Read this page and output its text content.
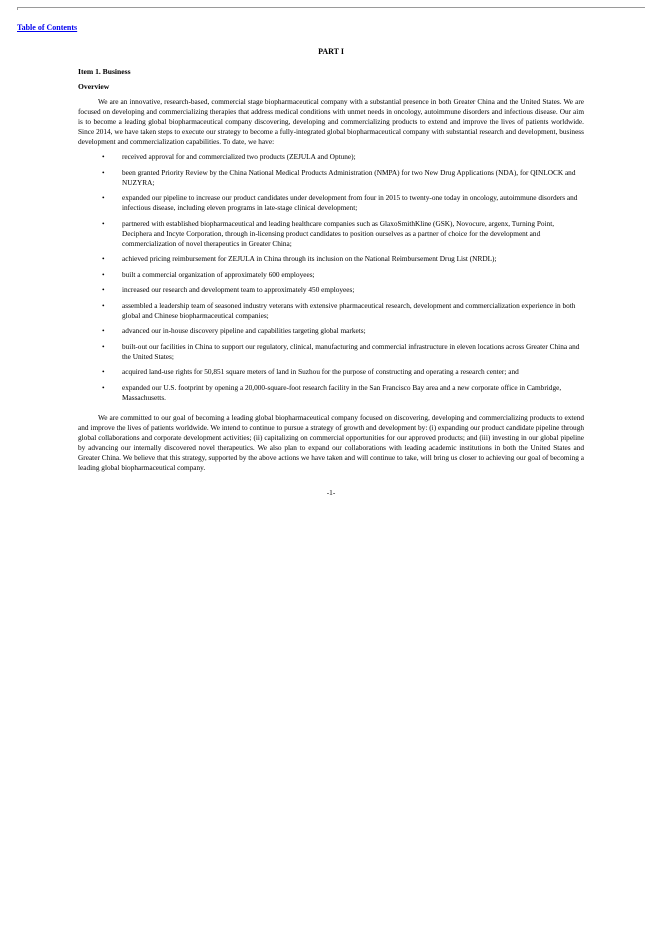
Table of Contents
PART I

Item 1. Business

Overview

We are an innovative, research-based, commercial stage biopharmaceutical company with a substantial presence in both Greater China and the United States. We are focused on developing and commercializing therapies that address medical conditions with unmet needs in oncology, autoimmune disorders and infectious disease. Our aim is to become a leading global biopharmaceutical company discovering, developing and commercializing products to extend and improve the lives of patients worldwide. Since 2014, we have taken steps to execute our strategy to become a fully-integrated global biopharmaceutical company with substantial research and development, business development and commercialization capabilities. To date, we have:

• received approval for and commercialized two products (ZEJULA and Optune);
• been granted Priority Review by the China National Medical Products Administration (NMPA) for two New Drug Applications (NDA), for QINLOCK and NUZYRA;
• expanded our pipeline to increase our product candidates under development from four in 2015 to twenty-one today in oncology, autoimmune disorders and infectious disease, including eleven programs in late-stage clinical development;
• partnered with established biopharmaceutical and leading healthcare companies such as GlaxoSmithKline (GSK), Novocure, argenx, Turning Point, Deciphera and Incyte Corporation, through in-licensing product candidates to position ourselves as a partner of choice for the development and commercialization of novel therapeutics in Greater China;
• achieved pricing reimbursement for ZEJULA in China through its inclusion on the National Reimbursement Drug List (NRDL);
• built a commercial organization of approximately 600 employees;
• increased our research and development team to approximately 450 employees;
• assembled a leadership team of seasoned industry veterans with extensive pharmaceutical research, development and commercialization experience in both global and Chinese biopharmaceutical companies;
• advanced our in-house discovery pipeline and capabilities targeting global markets;
• built-out our facilities in China to support our regulatory, clinical, manufacturing and commercial infrastructure in eleven locations across Greater China and the United States;
• acquired land-use rights for 50,851 square meters of land in Suzhou for the purpose of constructing and operating a research center; and
• expanded our U.S. footprint by opening a 20,000-square-foot research facility in the San Francisco Bay area and a new corporate office in Cambridge, Massachusetts.

We are committed to our goal of becoming a leading global biopharmaceutical company focused on discovering, developing and commercializing products to extend and improve the lives of patients worldwide. We intend to continue to pursue a strategy of growth and development by: (i) expanding our product candidate pipeline through global collaborations and corporate development activities; (ii) capitalizing on commercial opportunities for our approved products; and (iii) investing in our global pipeline by advancing our internally discovered novel therapeutics. We also plan to expand our collaborations with leading academic institutions in both the United States and Greater China. We believe that this strategy, supported by the above actions we have taken and will continue to take, will bring us closer to achieving our goal of becoming a leading global biopharmaceutical company.

-1-
